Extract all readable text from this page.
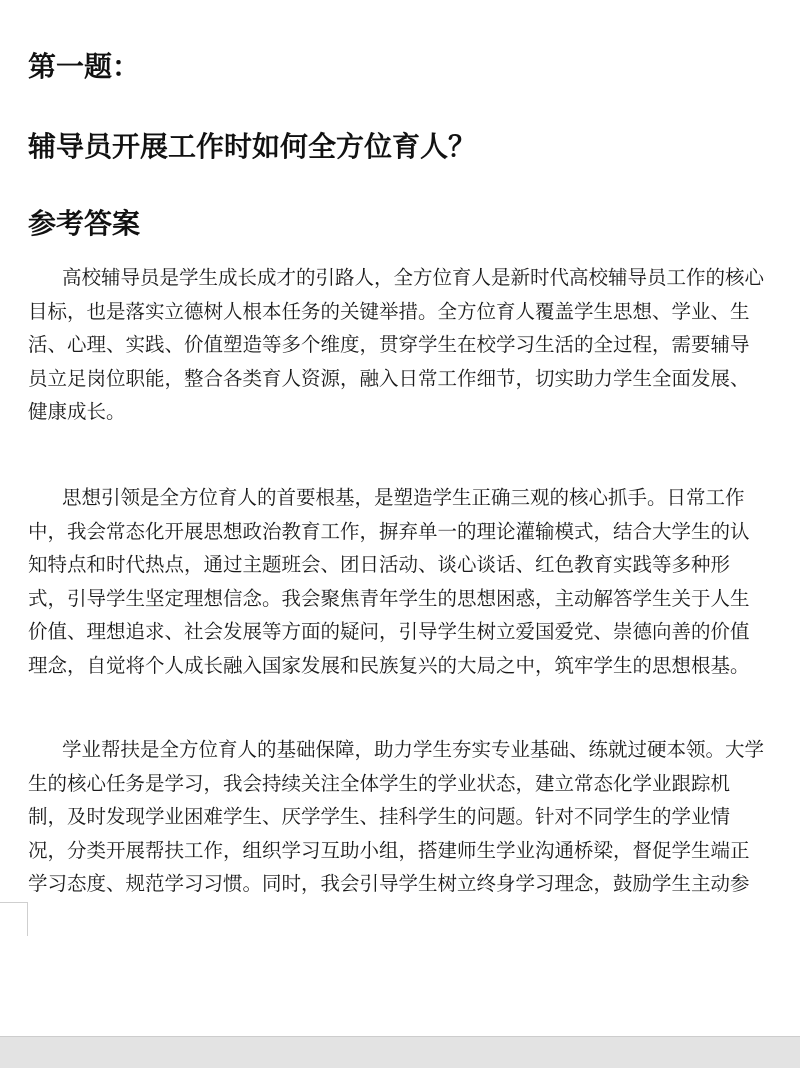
第一题：
辅导员开展工作时如何全方位育人？
参考答案

高校辅导员是学生成长成才的引路人，全方位育人是新时代高校辅导员工作的核心
目标，也是落实立德树人根本任务的关键举措。全方位育人覆盖学生思想、学业、生
活、心理、实践、价值塑造等多个维度，贯穿学生在校学习生活的全过程，需要辅导
员立足岗位职能，整合各类育人资源，融入日常工作细节，切实助力学生全面发展、
健康成长。

思想引领是全方位育人的首要根基，是塑造学生正确三观的核心抓手。日常工作
中，我会常态化开展思想政治教育工作，摒弃单一的理论灌输模式，结合大学生的认
知特点和时代热点，通过主题班会、团日活动、谈心谈话、红色教育实践等多种形
式，引导学生坚定理想信念。我会聚焦青年学生的思想困惑，主动解答学生关于人生
价值、理想追求、社会发展等方面的疑问，引导学生树立爱国爱党、崇德向善的价值
理念，自觉将个人成长融入国家发展和民族复兴的大局之中，筑牢学生的思想根基。

学业帮扶是全方位育人的基础保障，助力学生夯实专业基础、练就过硬本领。大学
生的核心任务是学习，我会持续关注全体学生的学业状态，建立常态化学业跟踪机
制，及时发现学业困难学生、厌学学生、挂科学生的问题。针对不同学生的学业情
况，分类开展帮扶工作，组织学习互助小组，搭建师生学业沟通桥梁，督促学生端正
学习态度、规范学习习惯。同时，我会引导学生树立终身学习理念，鼓励学生主动参
